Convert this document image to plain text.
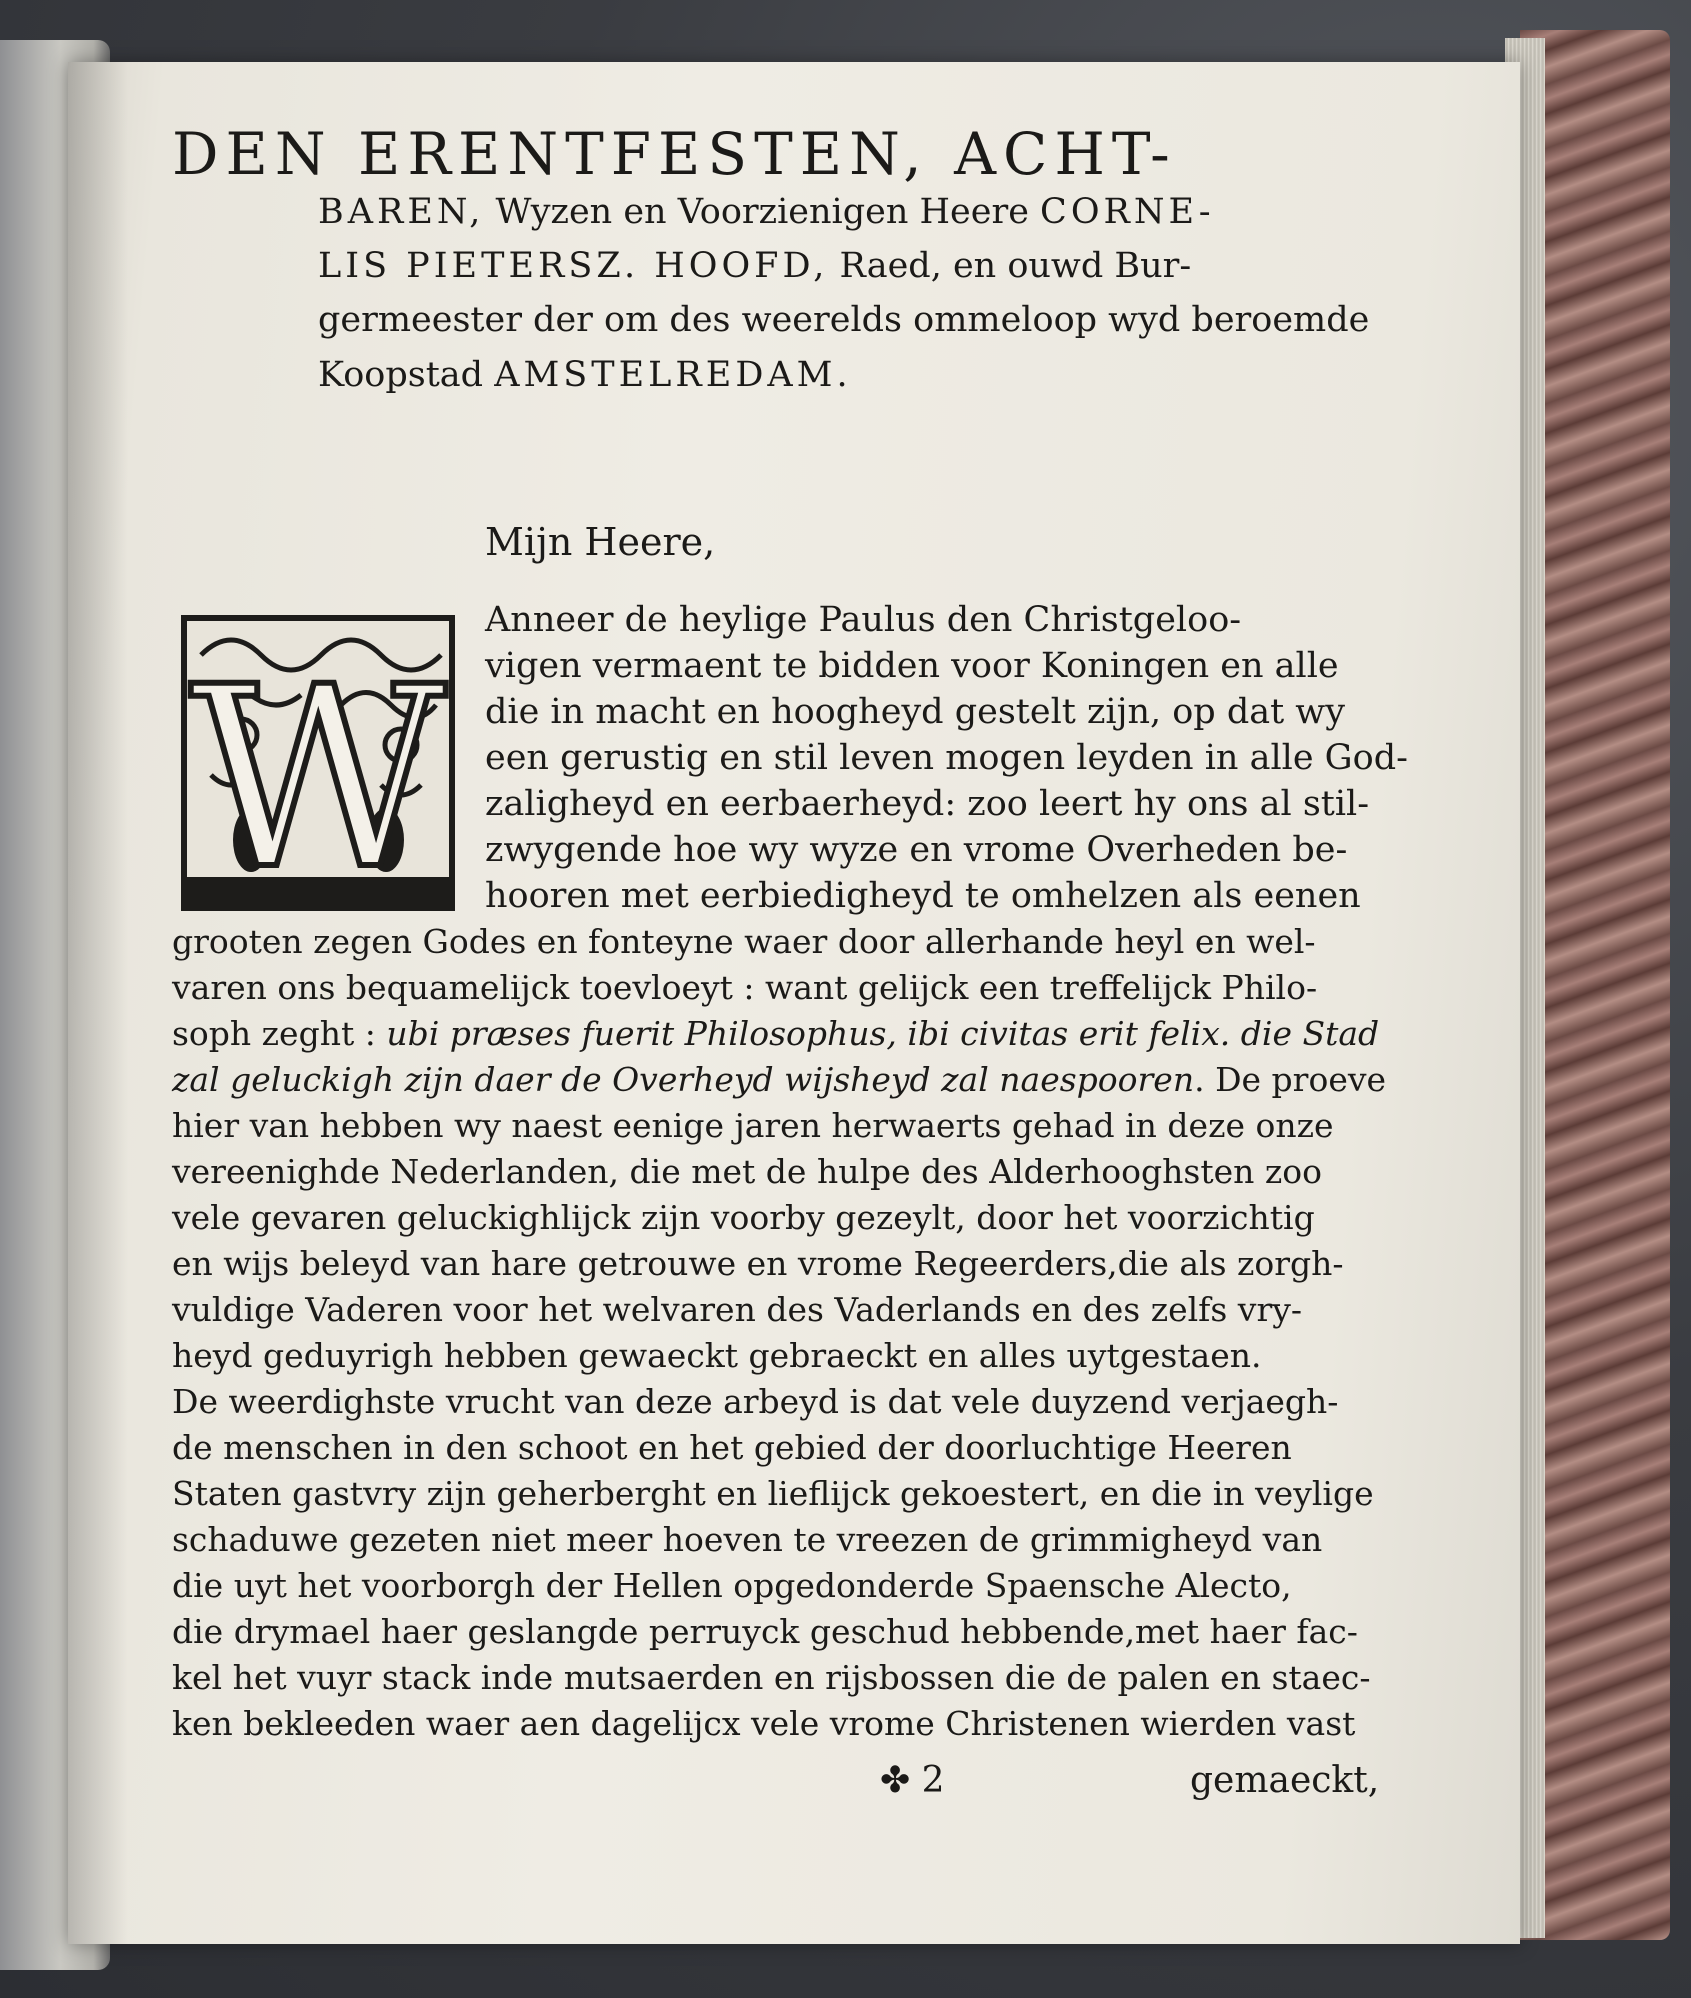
DEN ERENTFESTEN, ACHT-
BAREN, Wyzen en Voorzienigen Heere CORNE-
LIS PIETERSZ. HOOFD, Raed, en ouwd Bur-
germeester der om des weerelds ommeloop wyd beroemde
Koopstad AMSTELREDAM.
Mijn Heere,
W
Anneer de heylige Paulus den Christgeloo-
vigen vermaent te bidden voor Koningen en alle
die in macht en hoogheyd gestelt zijn, op dat wy
een gerustig en stil leven mogen leyden in alle God-
zaligheyd en eerbaerheyd: zoo leert hy ons al stil-
zwygende hoe wy wyze en vrome Overheden be-
hooren met eerbiedigheyd te omhelzen als eenen
grooten zegen Godes en fonteyne waer door allerhande heyl en wel-
varen ons bequamelijck toevloeyt : want gelijck een treffelijck Philo-
soph zeght : ubi præses fuerit Philosophus, ibi civitas erit felix. die Stad
zal geluckigh zijn daer de Overheyd wijsheyd zal naespooren. De proeve
hier van hebben wy naest eenige jaren herwaerts gehad in deze onze
vereenighde Nederlanden, die met de hulpe des Alderhooghsten zoo
vele gevaren geluckighlijck zijn voorby gezeylt, door het voorzichtig
en wijs beleyd van hare getrouwe en vrome Regeerders,die als zorgh-
vuldige Vaderen voor het welvaren des Vaderlands en des zelfs vry-
heyd geduyrigh hebben gewaeckt gebraeckt en alles uytgestaen.
De weerdighste vrucht van deze arbeyd is dat vele duyzend verjaegh-
de menschen in den schoot en het gebied der doorluchtige Heeren
Staten gastvry zijn geherberght en lieflijck gekoestert, en die in veylige
schaduwe gezeten niet meer hoeven te vreezen de grimmigheyd van
die uyt het voorborgh der Hellen opgedonderde Spaensche Alecto,
die drymael haer geslangde perruyck geschud hebbende,met haer fac-
kel het vuyr stack inde mutsaerden en rijsbossen die de palen en staec-
ken bekleeden waer aen dagelijcx vele vrome Christenen wierden vast
✤ 2	gemaeckt,
